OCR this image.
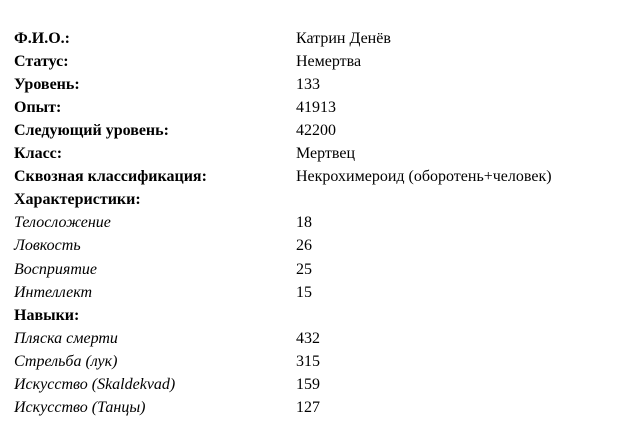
Ф.И.О.:	Катрин Денёв
Статус:	Немертва
Уровень:	133
Опыт:	41913
Следующий уровень:	42200
Класс:	Мертвец
Сквозная классификация:	Некрохимероид (оборотень+человек)
Характеристики:
Телосложение	18
Ловкость	26
Восприятие	25
Интеллект	15
Навыки:
Пляска смерти	432
Стрельба (лук)	315
Искусство (Skaldekvad)	159
Искусство (Танцы)	127
